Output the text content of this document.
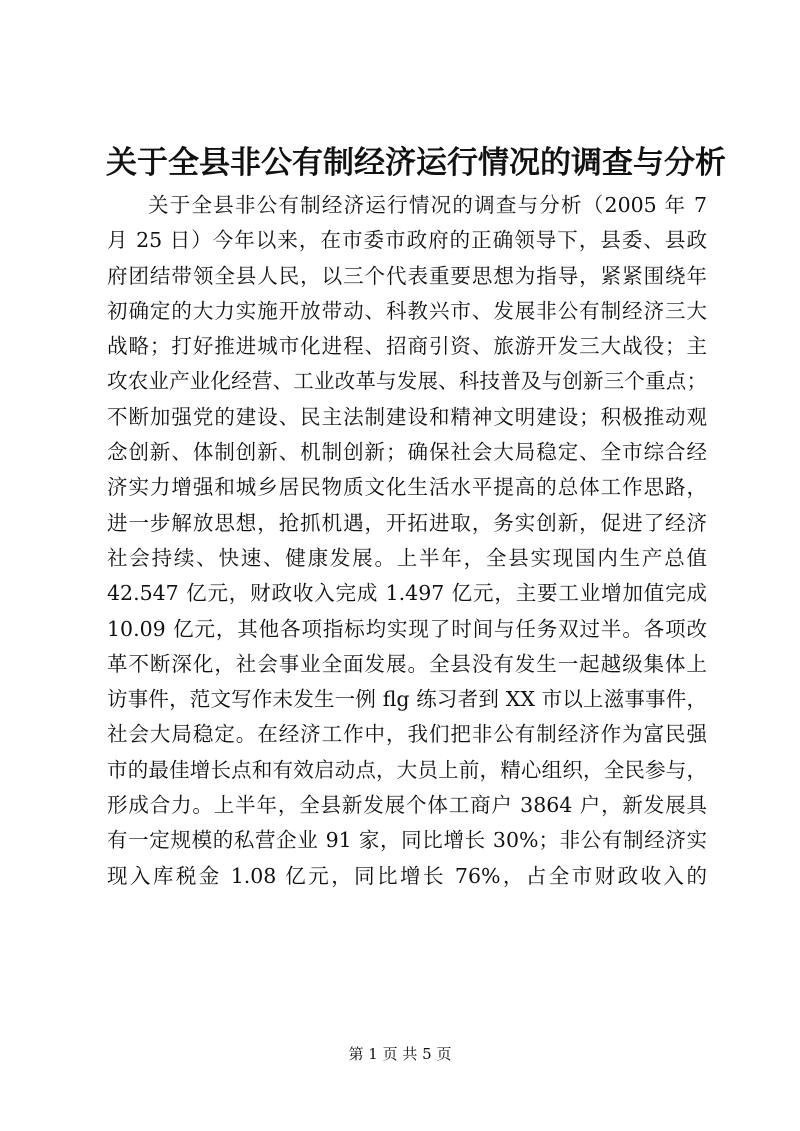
关于全县非公有制经济运行情况的调查与分析
关于全县非公有制经济运行情况的调查与分析（2005 年 7
月 25 日）今年以来，在市委市政府的正确领导下，县委、县政
府团结带领全县人民，以三个代表重要思想为指导，紧紧围绕年
初确定的大力实施开放带动、科教兴市、发展非公有制经济三大
战略；打好推进城市化进程、招商引资、旅游开发三大战役；主
攻农业产业化经营、工业改革与发展、科技普及与创新三个重点；
不断加强党的建设、民主法制建设和精神文明建设；积极推动观
念创新、体制创新、机制创新；确保社会大局稳定、全市综合经
济实力增强和城乡居民物质文化生活水平提高的总体工作思路，
进一步解放思想，抢抓机遇，开拓进取，务实创新，促进了经济
社会持续、快速、健康发展。上半年，全县实现国内生产总值
42.547 亿元，财政收入完成 1.497 亿元，主要工业增加值完成
10.09 亿元，其他各项指标均实现了时间与任务双过半。各项改
革不断深化，社会事业全面发展。全县没有发生一起越级集体上
访事件，范文写作未发生一例 flg 练习者到 XX 市以上滋事事件，
社会大局稳定。在经济工作中，我们把非公有制经济作为富民强
市的最佳增长点和有效启动点，大员上前，精心组织，全民参与，
形成合力。上半年，全县新发展个体工商户 3864 户，新发展具
有一定规模的私营企业 91 家，同比增长 30%；非公有制经济实
现入库税金 1.08 亿元，同比增长 76%，占全市财政收入的
第 1 页 共 5 页
